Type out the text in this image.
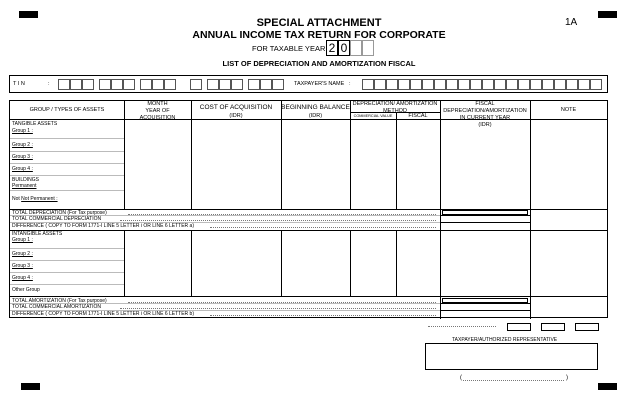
SPECIAL ATTACHMENT
ANNUAL INCOME TAX RETURN FOR CORPORATE
1A
FOR TAXABLE YEAR 2 0
LIST OF DEPRECIATION AND AMORTIZATION FISCAL
T I N	:	TAXPAYER'S NAME :
GROUP / TYPES OF ASSETS
MONTH
YEAR OF
ACQUISITION
COST OF ACQUISITION
(IDR)
BEGINNING BALANCE
(IDR)
DEPRECIATION/ AMORTIZATION
METHOD
COMMERCIAL VALUE	FISCAL
FISCAL DEPRECIATION/AMORTIZATION
IN CURRENT YEAR
(IDR)
NOTE
TANGIBLE ASSETS
Group 1 :
Group 2 :
Group 3 :
Group 4 :
BUILDINGS
Permanent
Not Not Permanent :
TOTAL DEPRECIATION (For Tax purpose)
TOTAL COMMERCIAL DEPRECIATION
DIFFERENCE ( COPY TO FORM 1771-I LINE 5 LETTER i OR LINE 6 LETTER a)
INTANGIBLE ASSETS
Group 1 :
Group 2 :
Group 3 :
Group 4 :
Other Group
TOTAL AMORTIZATION (For Tax purpose)
TOTAL COMMERCIAL AMORTIZATION
DIFFERENCE ( COPY TO FORM 1771-I LINE 5 LETTER i OR LINE 6 LETTER b)
TAXPAYER/AUTHORIZED REPRESENTATIVE
(	)
